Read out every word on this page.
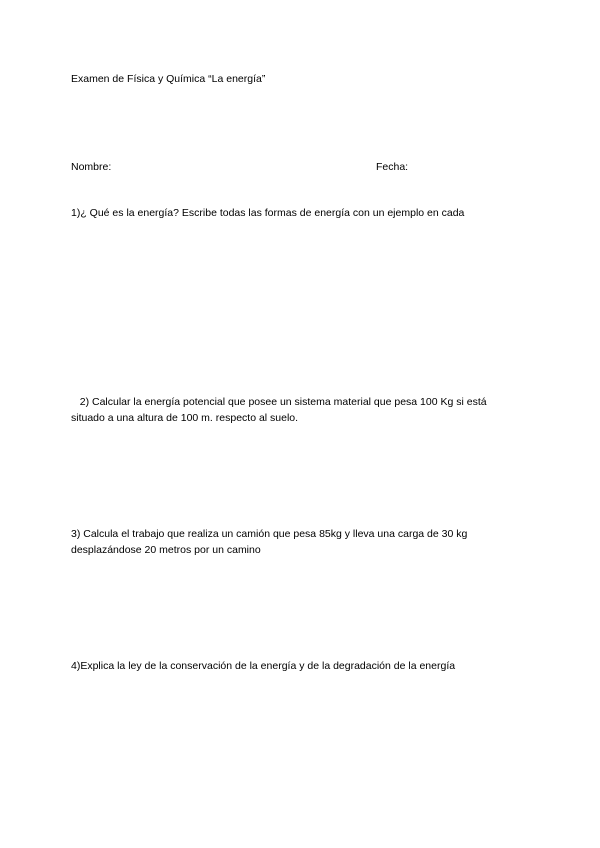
Examen de Física y Química “La energía”
Nombre:	Fecha:
1)¿ Qué es la energía? Escribe todas las formas de energía con un ejemplo en cada
2) Calcular la energía potencial que posee un sistema material que pesa 100 Kg si está
situado a una altura de 100 m. respecto al suelo.
3) Calcula el trabajo que realiza un camión que pesa 85kg y lleva una carga de 30 kg
desplazándose 20 metros por un camino
4)Explica la ley de la conservación de la energía y de la degradación de la energía
